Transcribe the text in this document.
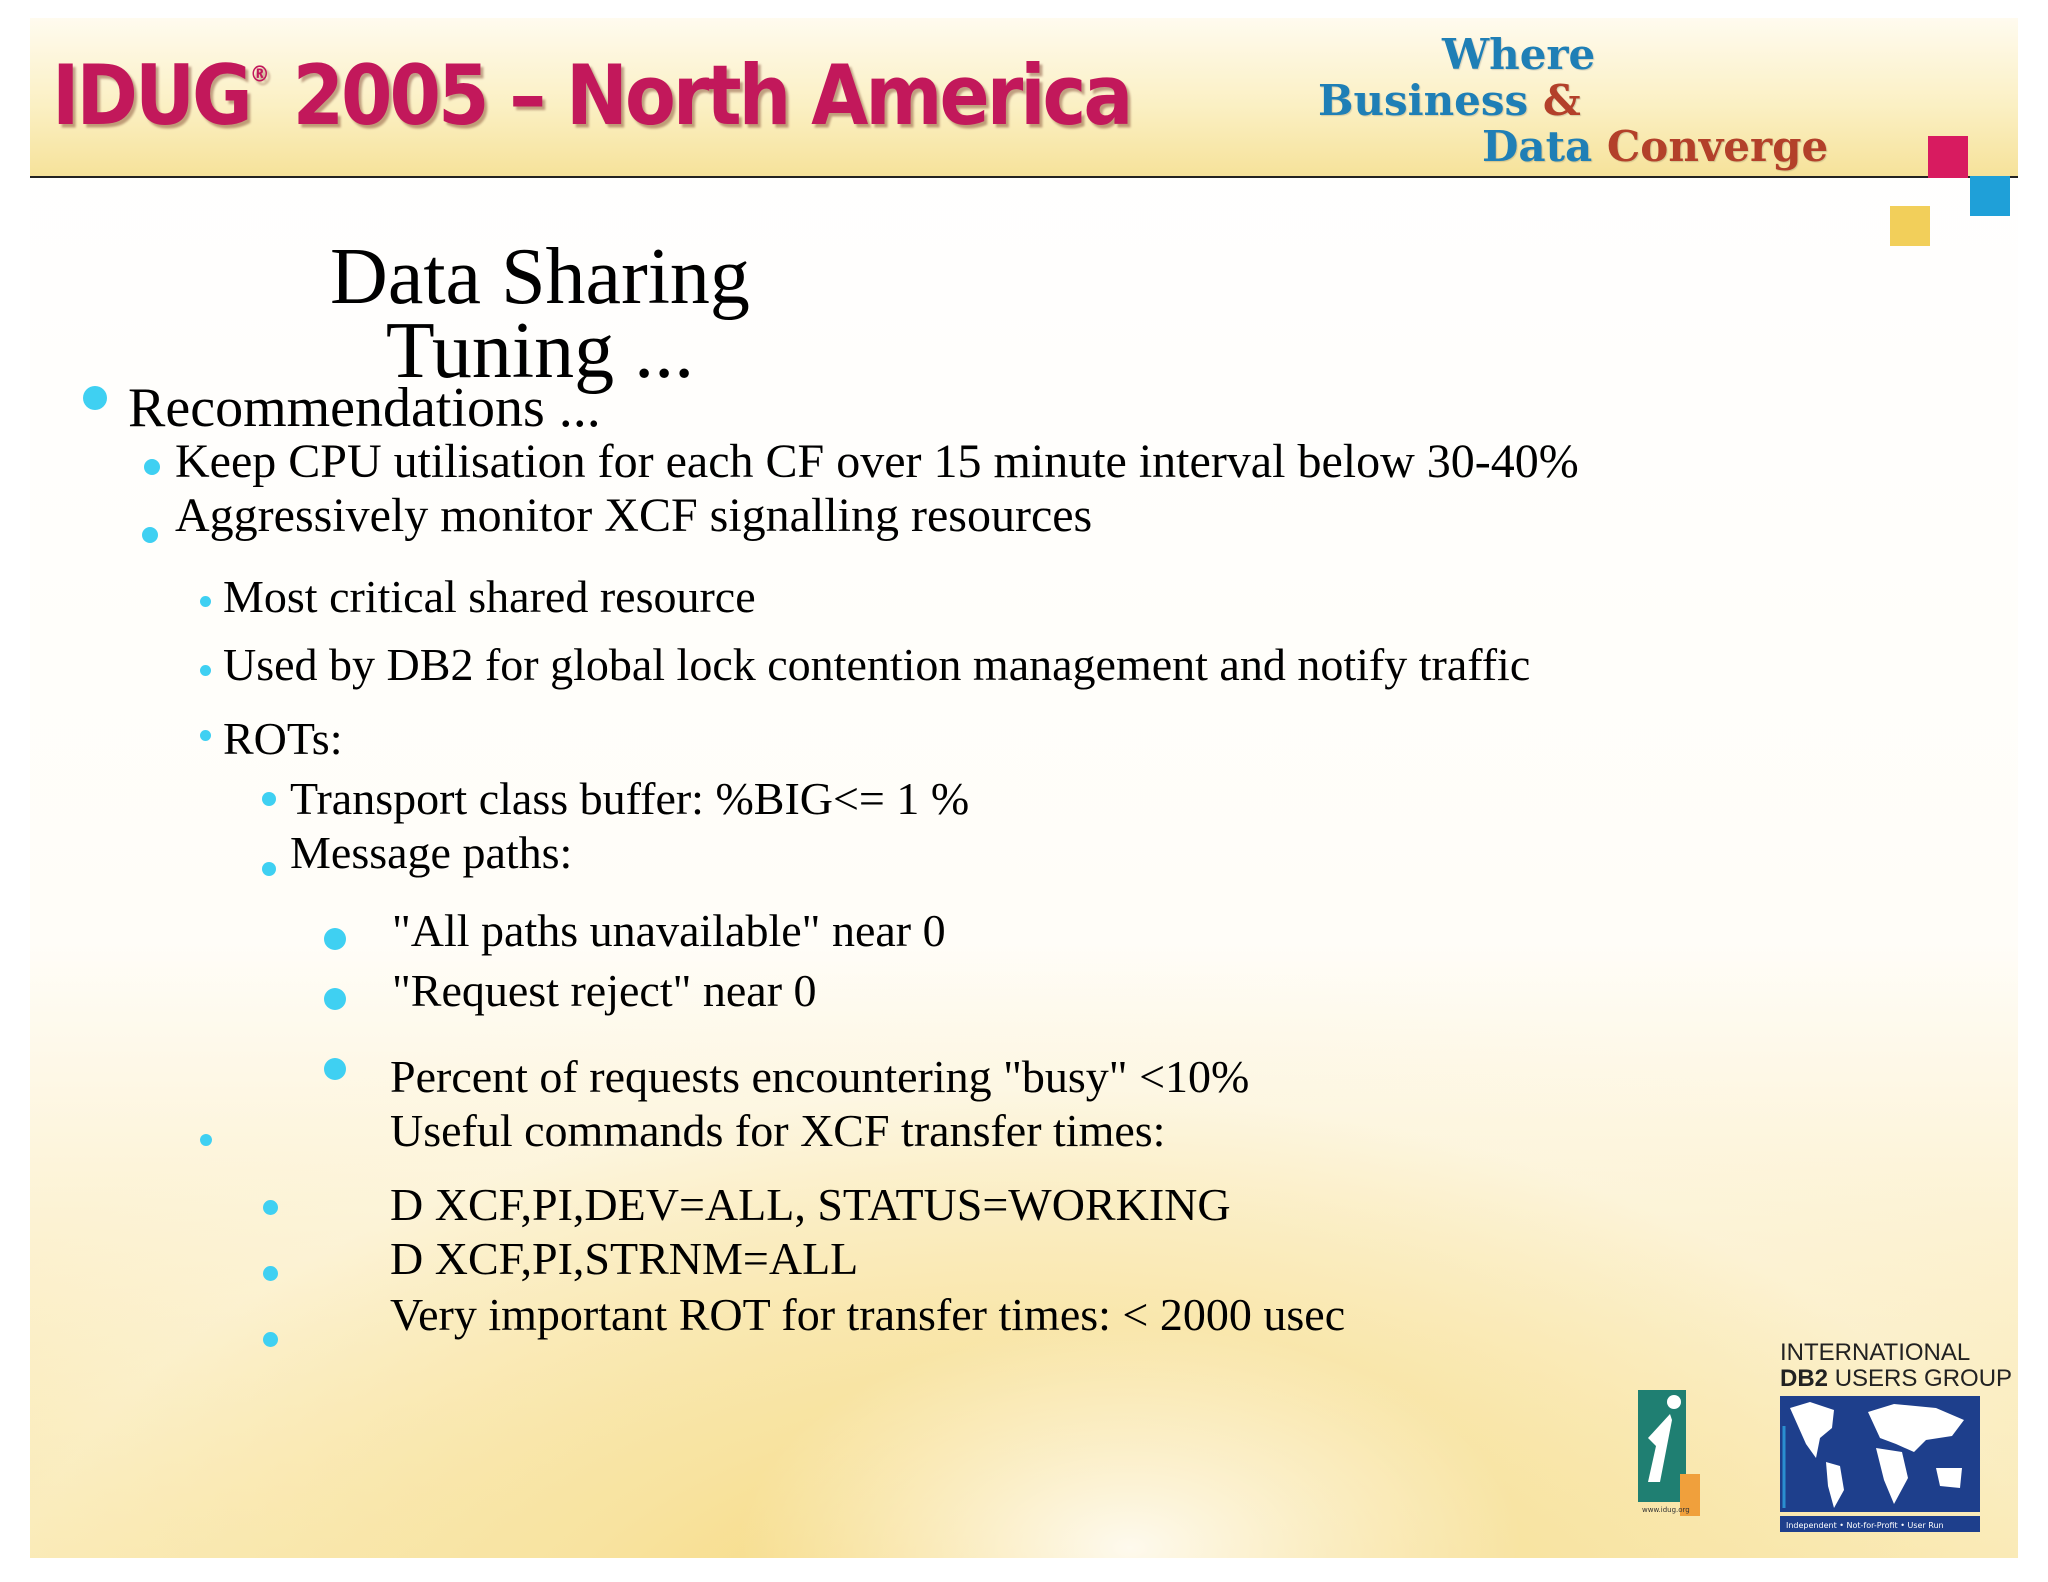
IDUG® 2005 – North America	Where
Business &
Data Converge
Data Sharing
Tuning ...
Recommendations ...
Keep CPU utilisation for each CF over 15 minute interval below 30-40%
Aggressively monitor XCF signalling resources
Most critical shared resource
Used by DB2 for global lock contention management and notify traffic
ROTs:
Transport class buffer: %BIG<= 1 %
Message paths:
"All paths unavailable" near 0
"Request reject" near 0
Percent of requests encountering "busy" <10%
Useful commands for XCF transfer times:
D XCF,PI,DEV=ALL, STATUS=WORKING
D XCF,PI,STRNM=ALL
Very important ROT for transfer times: < 2000 usec
www.idug.org
INTERNATIONAL
DB2 USERS GROUP
Independent • Not-for-Profit • User Run
